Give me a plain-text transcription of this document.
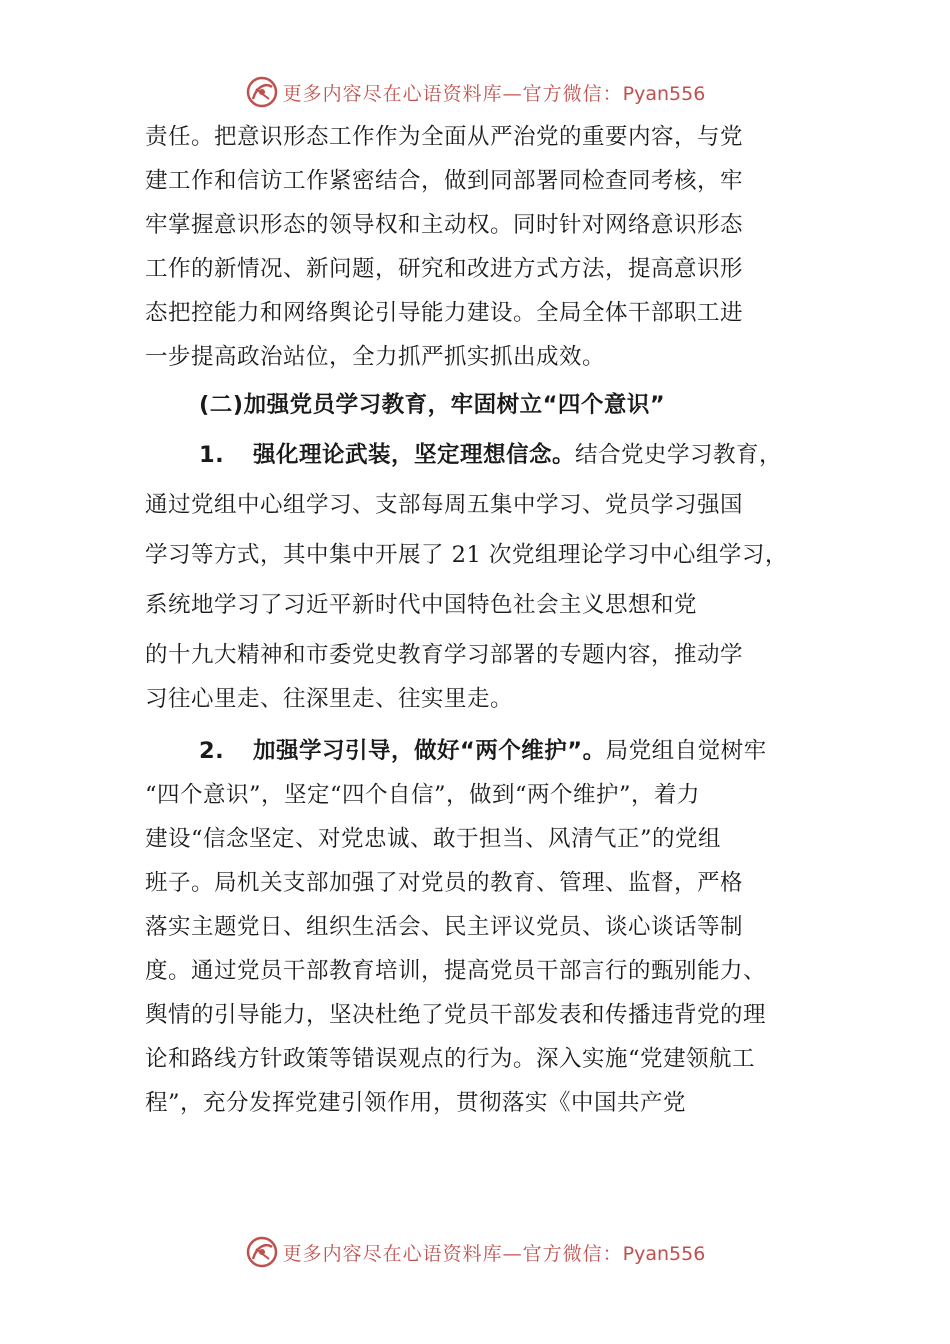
更多内容尽在心语资料库—官方微信：Pyan556
责任。把意识形态工作作为全面从严治党的重要内容，与党
建工作和信访工作紧密结合，做到同部署同检查同考核，牢
牢掌握意识形态的领导权和主动权。同时针对网络意识形态
工作的新情况、新问题，研究和改进方式方法，提高意识形
态把控能力和网络舆论引导能力建设。全局全体干部职工进
一步提高政治站位，全力抓严抓实抓出成效。
(二)加强党员学习教育，牢固树立“四个意识”
1. 强化理论武装，坚定理想信念。结合党史学习教育，
通过党组中心组学习、支部每周五集中学习、党员学习强国
学习等方式，其中集中开展了 21 次党组理论学习中心组学习，
系统地学习了习近平新时代中国特色社会主义思想和党
的十九大精神和市委党史教育学习部署的专题内容，推动学
习往心里走、往深里走、往实里走。
2. 加强学习引导，做好“两个维护”。局党组自觉树牢
“四个意识”，坚定“四个自信”，做到“两个维护”，着力
建设“信念坚定、对党忠诚、敢于担当、风清气正”的党组
班子。局机关支部加强了对党员的教育、管理、监督，严格
落实主题党日、组织生活会、民主评议党员、谈心谈话等制
度。通过党员干部教育培训，提高党员干部言行的甄别能力、
舆情的引导能力，坚决杜绝了党员干部发表和传播违背党的理
论和路线方针政策等错误观点的行为。深入实施“党建领航工
程”，充分发挥党建引领作用，贯彻落实《中国共产党
更多内容尽在心语资料库—官方微信：Pyan556
